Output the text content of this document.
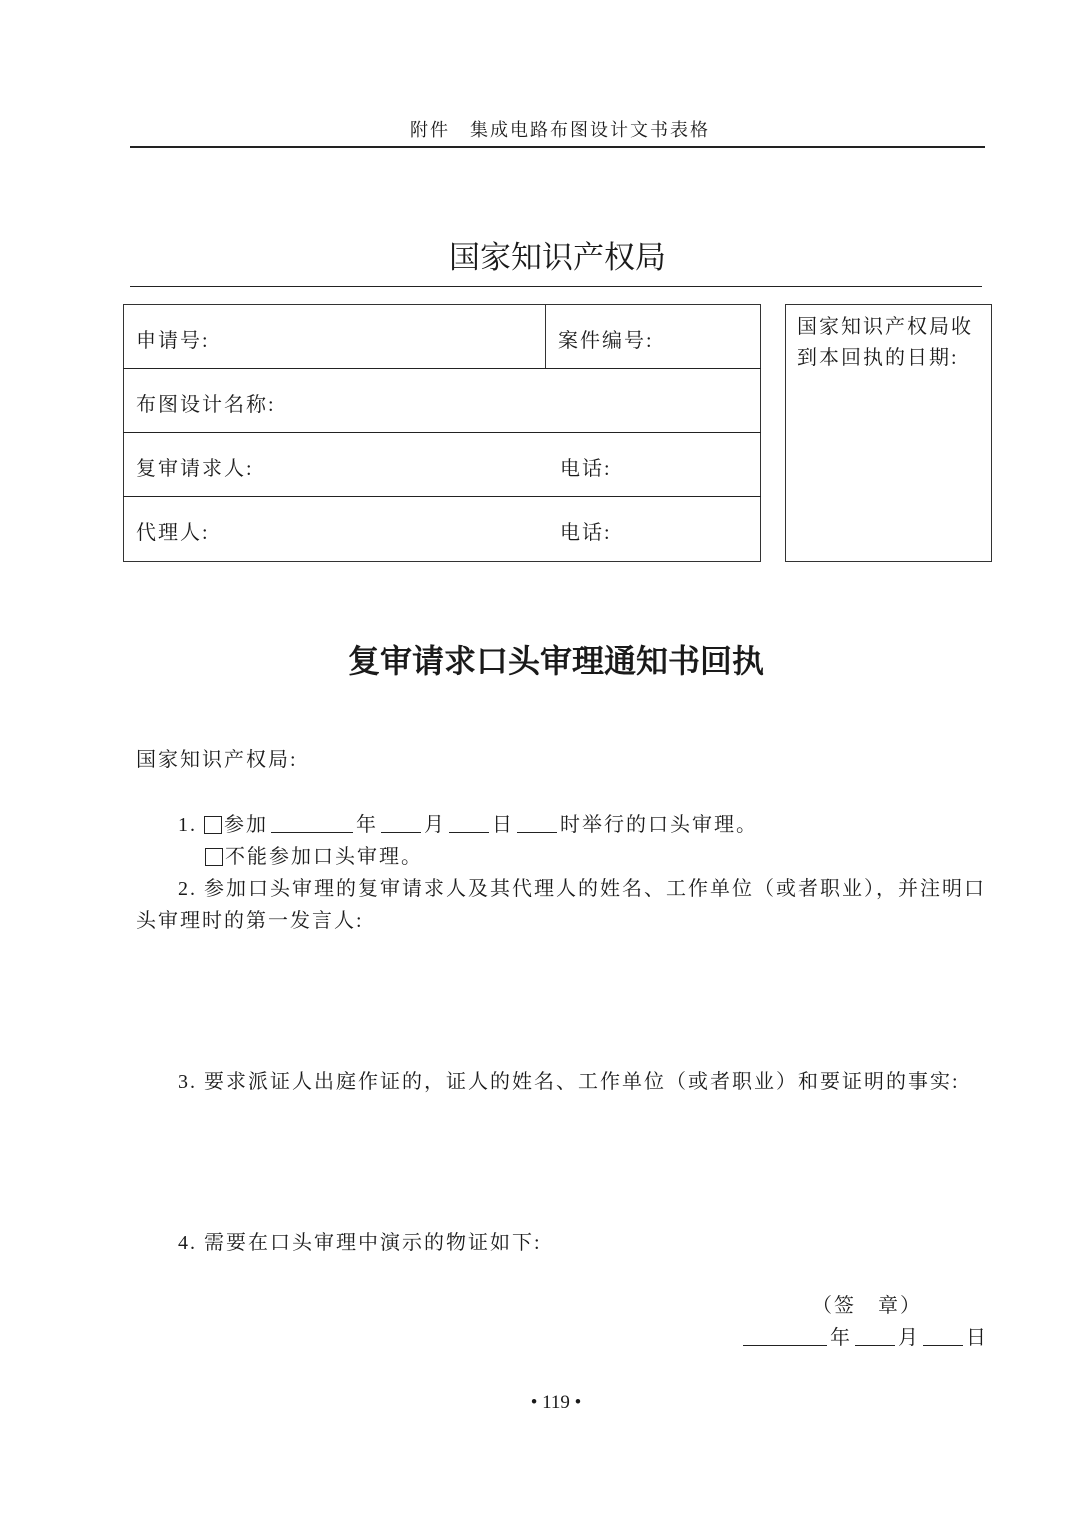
附件　集成电路布图设计文书表格
国家知识产权局
申请号:	案件编号:
布图设计名称:
复审请求人:	电话:
代理人:	电话:
国家知识产权局收
到本回执的日期:
复审请求口头审理通知书回执
国家知识产权局:
1. 参加	年 月 日 时举行的口头审理。
不能参加口头审理。
2. 参加口头审理的复审请求人及其代理人的姓名、工作单位（或者职业），并注明口
头审理时的第一发言人:
3. 要求派证人出庭作证的，证人的姓名、工作单位（或者职业）和要证明的事实:
4. 需要在口头审理中演示的物证如下:
（签　章）
年 月 日
• 119 •
